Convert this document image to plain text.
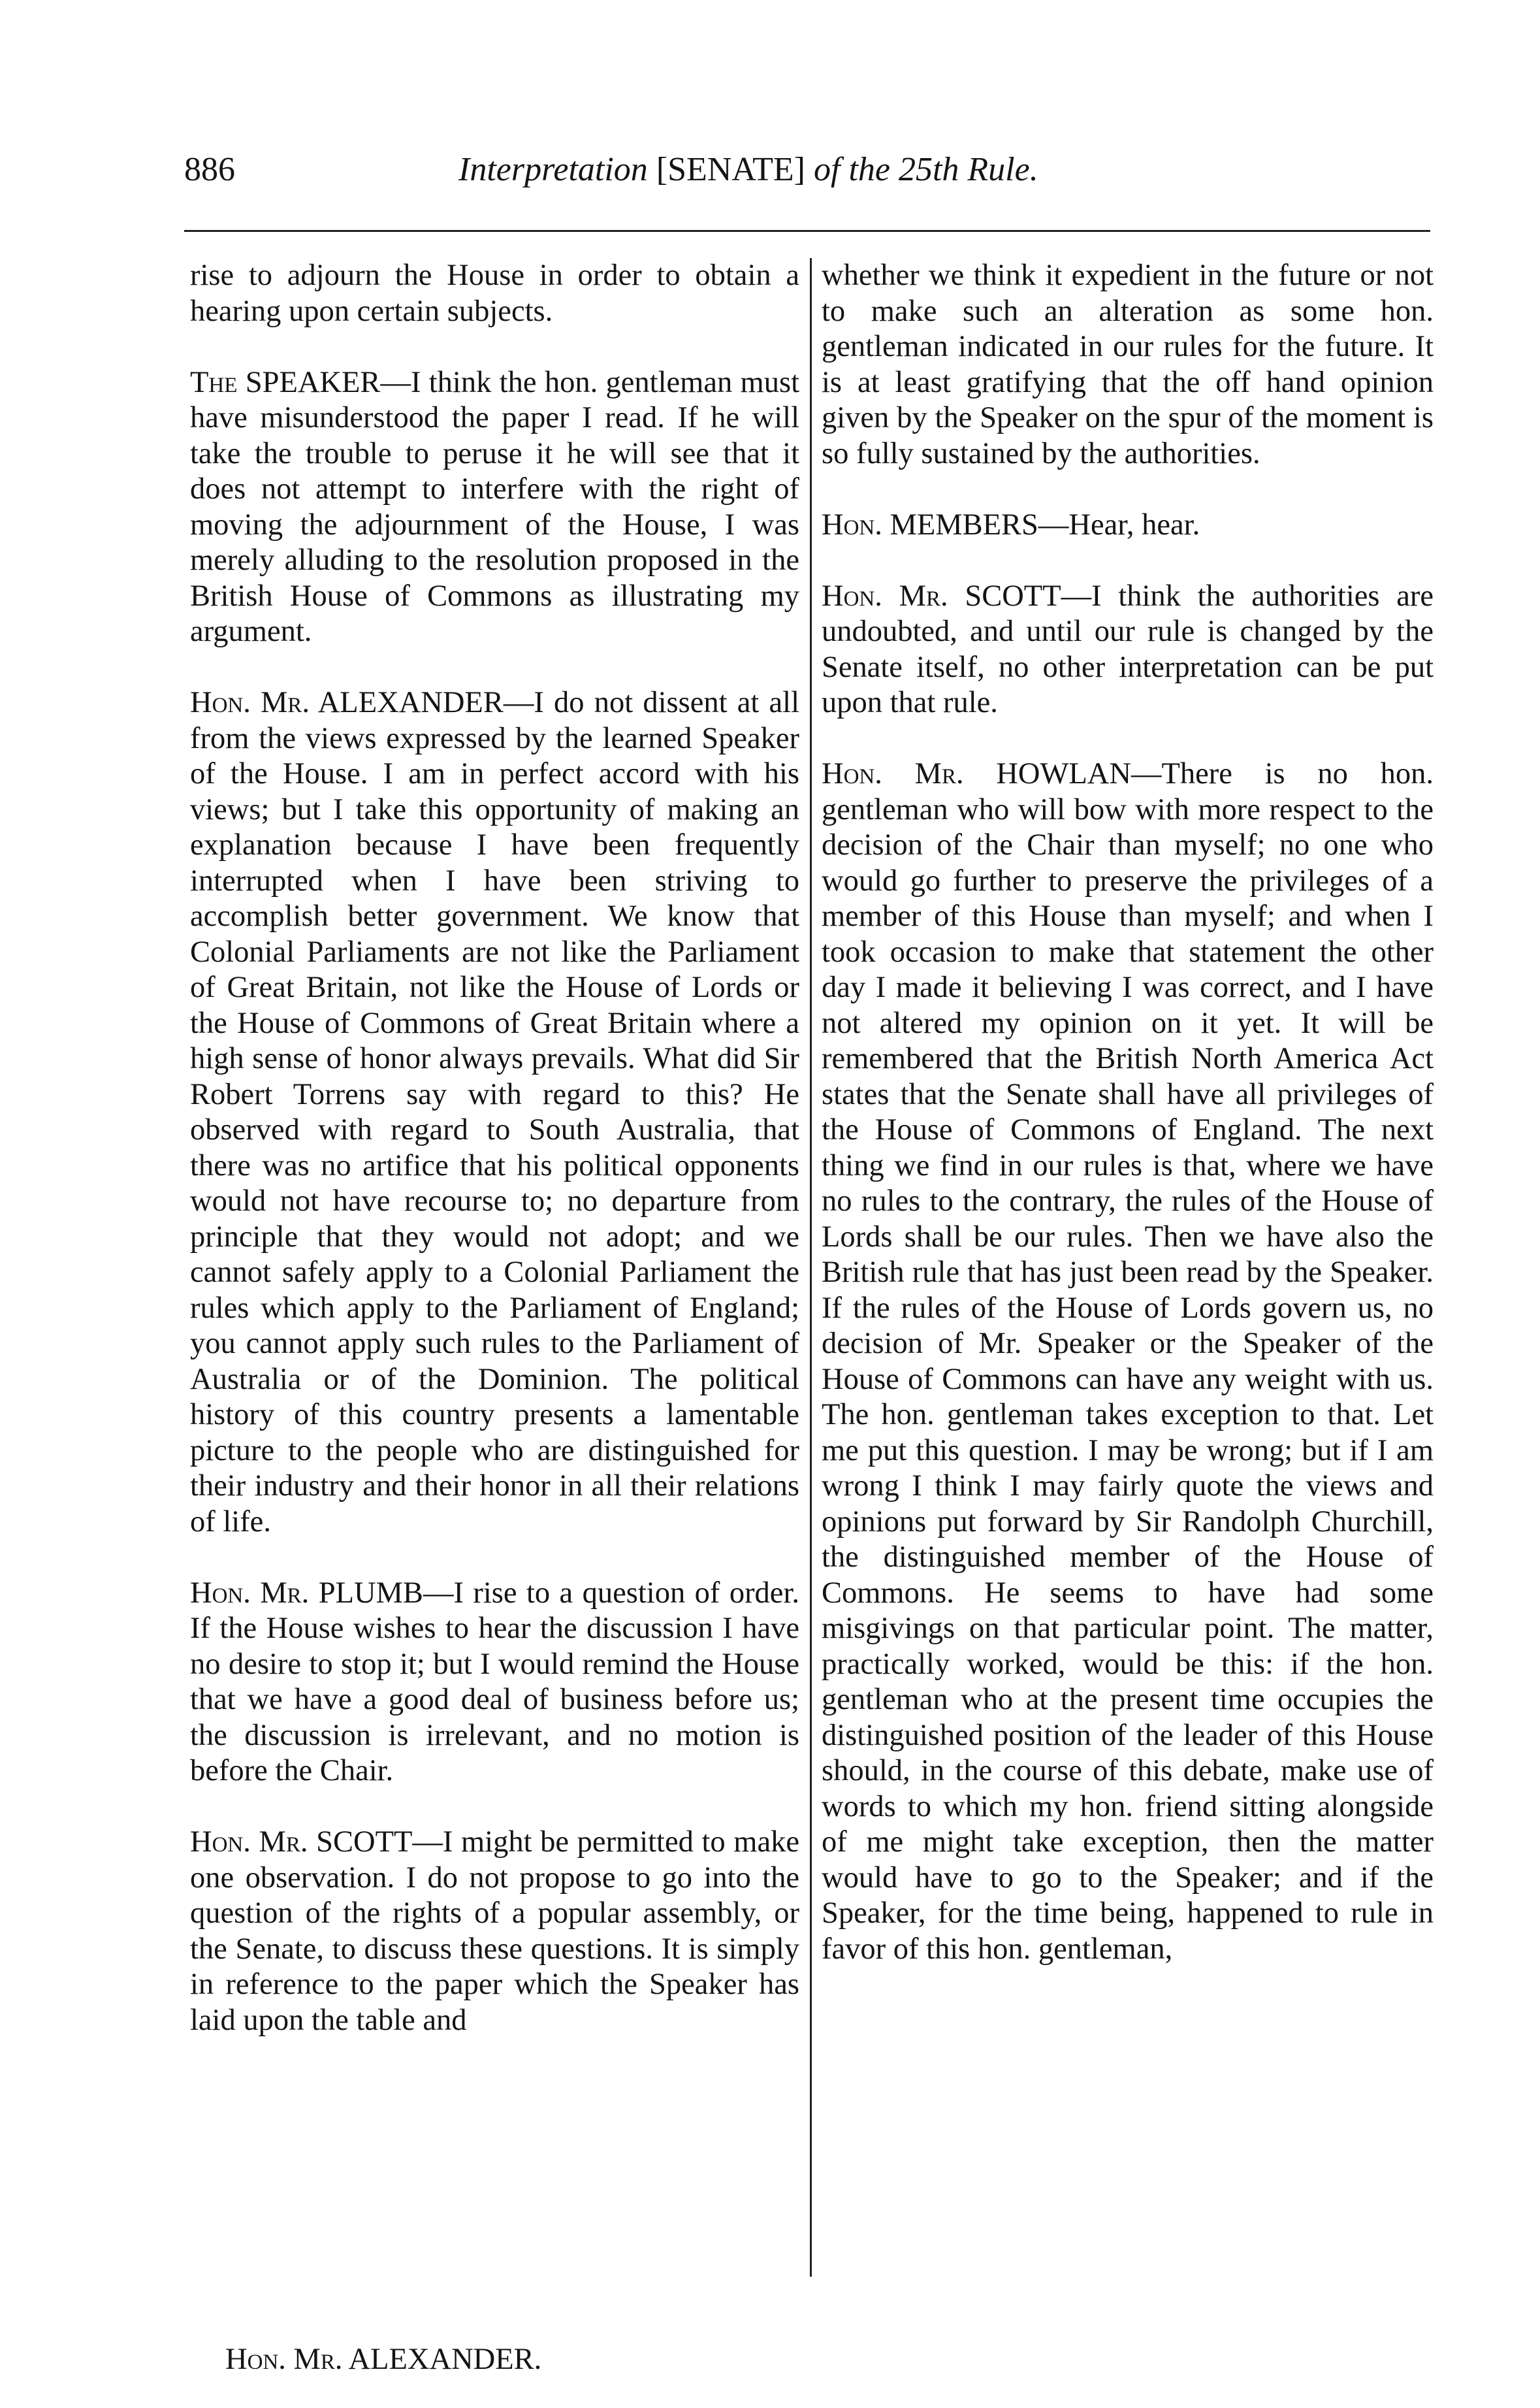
886	Interpretation [SENATE] of the 25th Rule.

rise to adjourn the House in order to obtain a hearing upon certain subjects.

The SPEAKER—I think the hon. gentleman must have misunderstood the paper I read. If he will take the trouble to peruse it he will see that it does not attempt to interfere with the right of moving the adjournment of the House, I was merely alluding to the resolution proposed in the British House of Commons as illustrating my argument.

Hon. Mr. ALEXANDER—I do not dissent at all from the views expressed by the learned Speaker of the House. I am in perfect accord with his views; but I take this opportunity of making an explanation because I have been frequently interrupted when I have been striving to accomplish better government. We know that Colonial Parliaments are not like the Parliament of Great Britain, not like the House of Lords or the House of Commons of Great Britain where a high sense of honor always prevails. What did Sir Robert Torrens say with regard to this? He observed with regard to South Australia, that there was no artifice that his political opponents would not have recourse to; no departure from principle that they would not adopt; and we cannot safely apply to a Colonial Parliament the rules which apply to the Parliament of England; you cannot apply such rules to the Parliament of Australia or of the Dominion. The political history of this country presents a lamentable picture to the people who are distinguished for their industry and their honor in all their relations of life.

Hon. Mr. PLUMB—I rise to a question of order. If the House wishes to hear the discussion I have no desire to stop it; but I would remind the House that we have a good deal of business before us; the discussion is irrelevant, and no motion is before the Chair.

Hon. Mr. SCOTT—I might be permitted to make one observation. I do not propose to go into the question of the rights of a popular assembly, or the Senate, to discuss these questions. It is simply in reference to the paper which the Speaker has laid upon the table and

whether we think it expedient in the future or not to make such an alteration as some hon. gentleman indicated in our rules for the future. It is at least gratifying that the off hand opinion given by the Speaker on the spur of the moment is so fully sustained by the authorities.

Hon. MEMBERS—Hear, hear.

Hon. Mr. SCOTT—I think the authorities are undoubted, and until our rule is changed by the Senate itself, no other interpretation can be put upon that rule.

Hon. Mr. HOWLAN—There is no hon. gentleman who will bow with more respect to the decision of the Chair than myself; no one who would go further to preserve the privileges of a member of this House than myself; and when I took occasion to make that statement the other day I made it believing I was correct, and I have not altered my opinion on it yet. It will be remembered that the British North America Act states that the Senate shall have all privileges of the House of Commons of England. The next thing we find in our rules is that, where we have no rules to the contrary, the rules of the House of Lords shall be our rules. Then we have also the British rule that has just been read by the Speaker. If the rules of the House of Lords govern us, no decision of Mr. Speaker or the Speaker of the House of Commons can have any weight with us. The hon. gentleman takes exception to that. Let me put this question. I may be wrong; but if I am wrong I think I may fairly quote the views and opinions put forward by Sir Randolph Churchill, the distinguished member of the House of Commons. He seems to have had some misgivings on that particular point. The matter, practically worked, would be this: if the hon. gentleman who at the present time occupies the distinguished position of the leader of this House should, in the course of this debate, make use of words to which my hon. friend sitting alongside of me might take exception, then the matter would have to go to the Speaker; and if the Speaker, for the time being, happened to rule in favor of this hon. gentleman,

Hon. Mr. ALEXANDER.
